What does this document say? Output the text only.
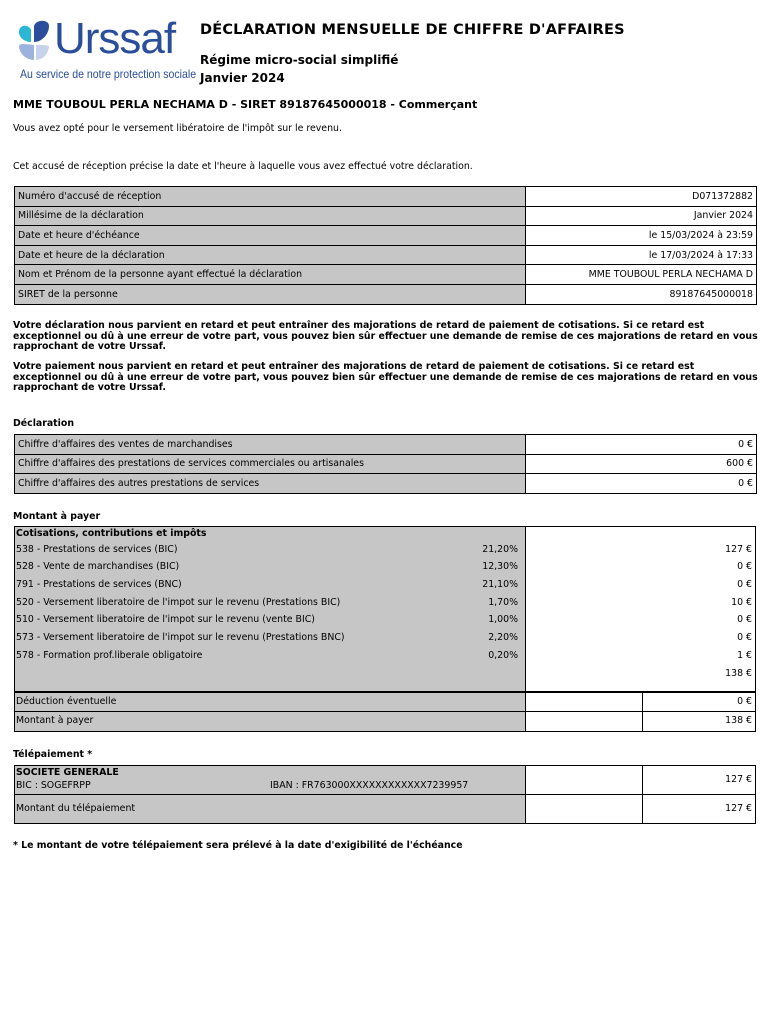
Urssaf
Au service de notre protection sociale
DÉCLARATION MENSUELLE DE CHIFFRE D'AFFAIRES
Régime micro-social simplifié
Janvier 2024
MME TOUBOUL PERLA NECHAMA D - SIRET 89187645000018 - Commerçant
Vous avez opté pour le versement libératoire de l'impôt sur le revenu.
Cet accusé de réception précise la date et l'heure à laquelle vous avez effectué votre déclaration.
Numéro d'accusé de réception	D071372882
Millésime de la déclaration	Janvier 2024
Date et heure d'échéance	le 15/03/2024 à 23:59
Date et heure de la déclaration	le 17/03/2024 à 17:33
Nom et Prénom de la personne ayant effectué la déclaration	MME TOUBOUL PERLA NECHAMA D
SIRET de la personne	89187645000018
Votre déclaration nous parvient en retard et peut entraîner des majorations de retard de paiement de cotisations. Si ce retard est exceptionnel ou dû à une erreur de votre part, vous pouvez bien sûr effectuer une demande de remise de ces majorations de retard en vous rapprochant de votre Urssaf.
Votre paiement nous parvient en retard et peut entraîner des majorations de retard de paiement de cotisations. Si ce retard est exceptionnel ou dû à une erreur de votre part, vous pouvez bien sûr effectuer une demande de remise de ces majorations de retard en vous rapprochant de votre Urssaf.
Déclaration
Chiffre d'affaires des ventes de marchandises	0 €
Chiffre d'affaires des prestations de services commerciales ou artisanales	600 €
Chiffre d'affaires des autres prestations de services	0 €
Montant à payer
Cotisations, contributions et impôts
538 - Prestations de services (BIC)	21,20%	127 €
528 - Vente de marchandises (BIC)	12,30%	0 €
791 - Prestations de services (BNC)	21,10%	0 €
520 - Versement liberatoire de l'impot sur le revenu (Prestations BIC)	1,70%	10 €
510 - Versement liberatoire de l'impot sur le revenu (vente BIC)	1,00%	0 €
573 - Versement liberatoire de l'impot sur le revenu (Prestations BNC)	2,20%	0 €
578 - Formation prof.liberale obligatoire	0,20%	1 €
138 €
Déduction éventuelle	0 €
Montant à payer	138 €
Télépaiement *
SOCIETE GENERALE
BIC : SOGEFRPP	IBAN : FR763000XXXXXXXXXXXX7239957
127 €
Montant du télépaiement	127 €
* Le montant de votre télépaiement sera prélevé à la date d'exigibilité de l'échéance
